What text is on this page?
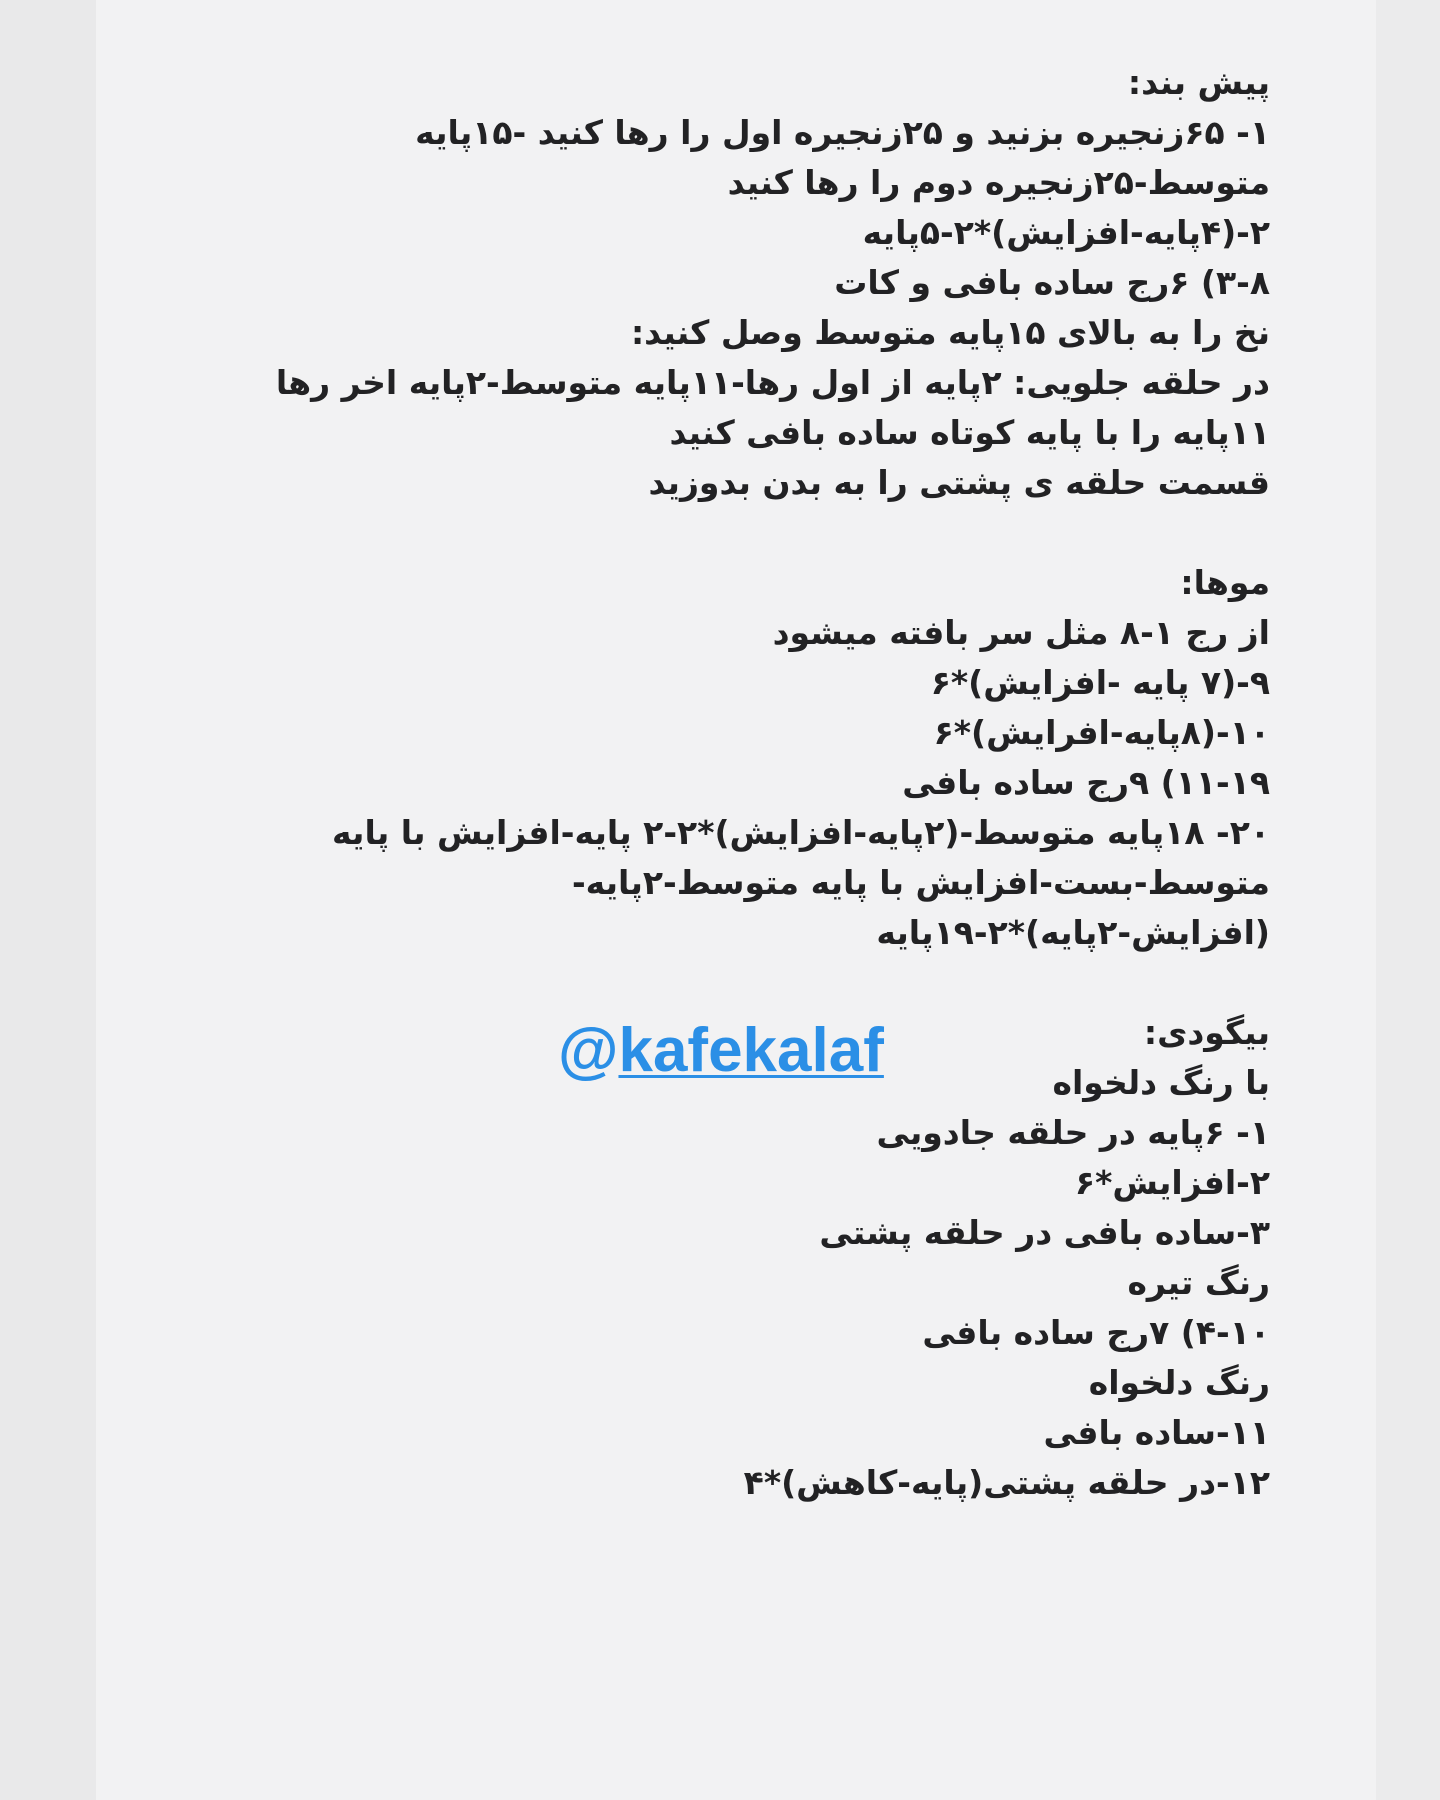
پیش بند:
۱- ۶۵زنجیره بزنید و ۲۵زنجیره اول را رها کنید -۱۵پایه
متوسط-۲۵زنجیره دوم را رها کنید
۲-(۴پایه-افزایش)*۲-۵پایه
۳-۸) ۶رج ساده بافی و کات
نخ را به بالای ۱۵پایه متوسط وصل کنید:
در حلقه جلویی: ۲پایه از اول رها-۱۱پایه متوسط-۲پایه اخر رها
۱۱پایه را با پایه کوتاه ساده بافی کنید
قسمت حلقه ی پشتی را به بدن بدوزید
موها:
از رج ۱-۸ مثل سر بافته میشود
۹-(۷ پایه -افزایش)*۶
۱۰-(۸پایه-افرایش)*۶
۱۱-۱۹) ۹رج ساده بافی
۲۰- ۱۸پایه متوسط-(۲پایه-افزایش)*۲-۲ پایه-افزایش با پایه
متوسط-بست-افزایش با پایه متوسط-۲پایه-
(افزایش-۲پایه)*۲-۱۹پایه
بیگودی:
با رنگ دلخواه
۱- ۶پایه در حلقه جادویی
۲-افزایش*۶
۳-ساده بافی در حلقه پشتی
رنگ تیره
۴-۱۰) ۷رج ساده بافی
رنگ دلخواه
۱۱-ساده بافی
۱۲-در حلقه پشتی(پایه-کاهش)*۴
@kafekalaf
